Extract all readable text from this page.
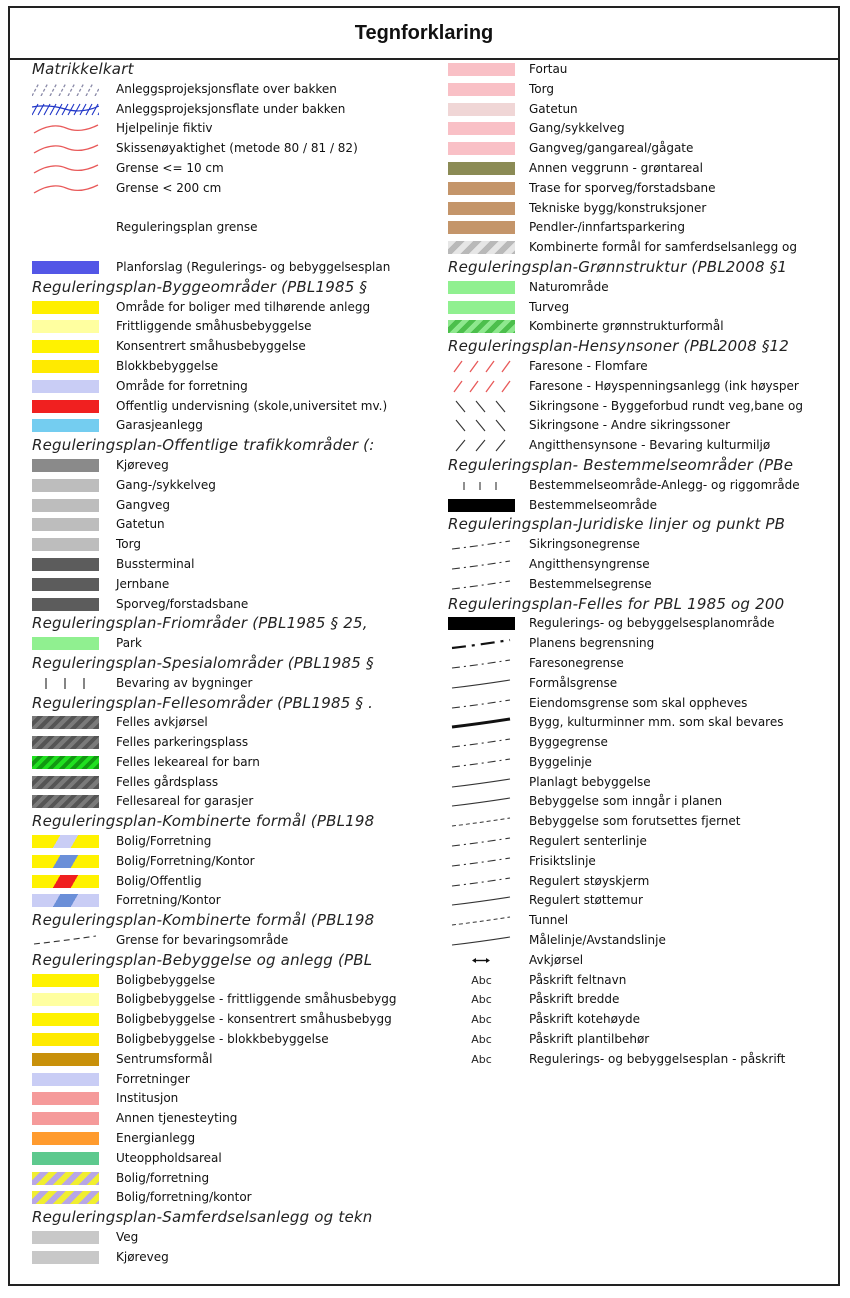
Tegnforklaring
Matrikkelkart
Anleggsprojeksjonsflate over bakken
Anleggsprojeksjonsflate under bakken
Hjelpelinje fiktiv
Skissenøyaktighet (metode 80 / 81 / 82)
Grense <= 10 cm
Grense < 200 cm
Reguleringsplan grense
Planforslag (Regulerings- og bebyggelsesplan
Reguleringsplan-Byggeområder (PBL1985 §
Område for boliger med tilhørende anlegg
Frittliggende småhusbebyggelse
Konsentrert småhusbebyggelse
Blokkbebyggelse
Område for forretning
Offentlig undervisning (skole,universitet mv.)
Garasjeanlegg
Reguleringsplan-Offentlige trafikkområder (:
Kjøreveg
Gang-/sykkelveg
Gangveg
Gatetun
Torg
Bussterminal
Jernbane
Sporveg/forstadsbane
Reguleringsplan-Friområder (PBL1985 § 25,
Park
Reguleringsplan-Spesialområder (PBL1985 §
Bevaring av bygninger
Reguleringsplan-Fellesområder (PBL1985 § .
Felles avkjørsel
Felles parkeringsplass
Felles lekeareal for barn
Felles gårdsplass
Fellesareal for garasjer
Reguleringsplan-Kombinerte formål (PBL198
Bolig/Forretning
Bolig/Forretning/Kontor
Bolig/Offentlig
Forretning/Kontor
Reguleringsplan-Kombinerte formål (PBL198
Grense for bevaringsområde
Reguleringsplan-Bebyggelse og anlegg (PBL
Boligbebyggelse
Boligbebyggelse - frittliggende småhusbebygg
Boligbebyggelse - konsentrert småhusbebygg
Boligbebyggelse - blokkbebyggelse
Sentrumsformål
Forretninger
Institusjon
Annen tjenesteyting
Energianlegg
Uteoppholdsareal
Bolig/forretning
Bolig/forretning/kontor
Reguleringsplan-Samferdselsanlegg og tekn
Veg
Kjøreveg
Fortau
Torg
Gatetun
Gang/sykkelveg
Gangveg/gangareal/gågate
Annen veggrunn - grøntareal
Trase for sporveg/forstadsbane
Tekniske bygg/konstruksjoner
Pendler-/innfartsparkering
Kombinerte formål for samferdselsanlegg og
Reguleringsplan-Grønnstruktur (PBL2008 §1
Naturområde
Turveg
Kombinerte grønnstrukturformål
Reguleringsplan-Hensynsoner (PBL2008 §12
Faresone - Flomfare
Faresone - Høyspenningsanlegg (ink høysper
Sikringsone - Byggeforbud rundt veg,bane og
Sikringsone - Andre sikringssoner
Angitthensynsone - Bevaring kulturmiljø
Reguleringsplan- Bestemmelseområder (PBe
Bestemmelseområde-Anlegg- og riggområde
Bestemmelseområde
Reguleringsplan-Juridiske linjer og punkt PB
Sikringsonegrense
Angitthensyngrense
Bestemmelsegrense
Reguleringsplan-Felles for PBL 1985 og 200
Regulerings- og bebyggelsesplanområde
Planens begrensning
Faresonegrense
Formålsgrense
Eiendomsgrense som skal oppheves
Bygg, kulturminner mm. som skal bevares
Byggegrense
Byggelinje
Planlagt bebyggelse
Bebyggelse som inngår i planen
Bebyggelse som forutsettes fjernet
Regulert senterlinje
Frisiktslinje
Regulert støyskjerm
Regulert støttemur
Tunnel
Målelinje/Avstandslinje
Avkjørsel
Abc	Påskrift feltnavn
Abc	Påskrift bredde
Abc	Påskrift kotehøyde
Abc	Påskrift plantilbehør
Abc	Regulerings- og bebyggelsesplan - påskrift
